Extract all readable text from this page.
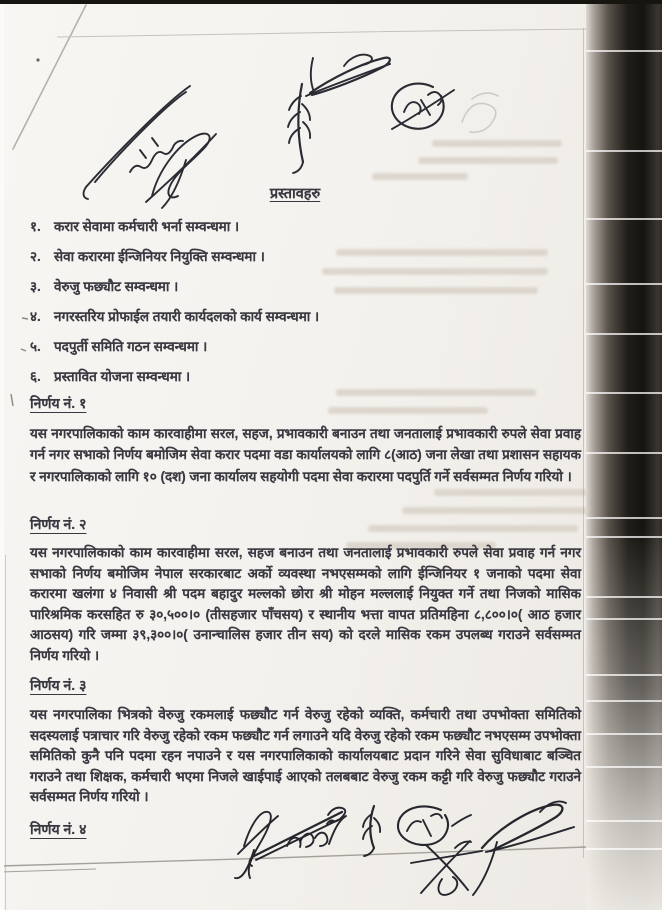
प्रस्तावहरु
१. करार सेवामा कर्मचारी भर्ना सम्वन्धमा ।
२. सेवा करारमा ईन्जिनियर नियुक्ति सम्वन्धमा ।
३. वेरुजु फछ्यौट सम्वन्धमा ।
४. नगरस्तरिय प्रोफाईल तयारी कार्यदलको कार्य सम्वन्धमा ।
५. पदपुर्ती समिति गठन सम्वन्धमा ।
६. प्रस्तावित योजना सम्वन्धमा ।
निर्णय नं. १

यस नगरपालिकाको काम कारवाहीमा सरल, सहज, प्रभावकारी बनाउन तथा जनतालाई प्रभावकारी रुपले सेवा प्रवाह गर्न नगर सभाको निर्णय बमोजिम सेवा करार पदमा वडा कार्यालयको लागि ८(आठ) जना लेखा तथा प्रशासन सहायक र नगरपालिकाको लागि १० (दश) जना कार्यालय सहयोगी पदमा सेवा करारमा पदपुर्ति गर्ने सर्वसम्मत निर्णय गरियो ।

निर्णय नं. २

यस नगरपालिकाको काम कारवाहीमा सरल, सहज बनाउन तथा जनतालाई प्रभावकारी रुपले सेवा प्रवाह गर्न नगर सभाको निर्णय बमोजिम नेपाल सरकारबाट अर्को व्यवस्था नभएसम्मको लागि ईन्जिनियर १ जनाको पदमा सेवा करारमा खलंगा ४ निवासी श्री पदम बहादुर मल्लको छोरा श्री मोहन मल्ललाई नियुक्त गर्ने तथा निजको मासिक पारिश्रमिक करसहित रु ३०,५००।० (तीसहजार पाँचसय) र स्थानीय भत्ता वापत प्रतिमहिना ८,८००।०( आठ हजार आठसय) गरि जम्मा ३९,३००।०( उनान्चालिस हजार तीन सय) को दरले मासिक रकम उपलब्ध गराउने सर्वसम्मत निर्णय गरियो ।

निर्णय नं. ३

यस नगरपालिका भित्रको वेरुजु रकमलाई फछ्यौट गर्न वेरुजु रहेको व्यक्ति, कर्मचारी तथा उपभोक्ता समितिको सदस्यलाई पत्राचार गरि वेरुजु रहेको रकम फछ्यौट गर्न लगाउने यदि वेरुजु रहेको रकम फछ्यौट नभएसम्म उपभोक्ता समितिको कुनै पनि पदमा रहन नपाउने र यस नगरपालिकाको कार्यालयबाट प्रदान गरिने सेवा सुविधाबाट बञ्चित गराउने तथा शिक्षक, कर्मचारी भएमा निजले खाईपाई आएको तलबबाट वेरुजु रकम कट्टी गरि वेरुजु फछ्यौट गराउने सर्वसम्मत निर्णय गरियो ।

निर्णय नं. ४
